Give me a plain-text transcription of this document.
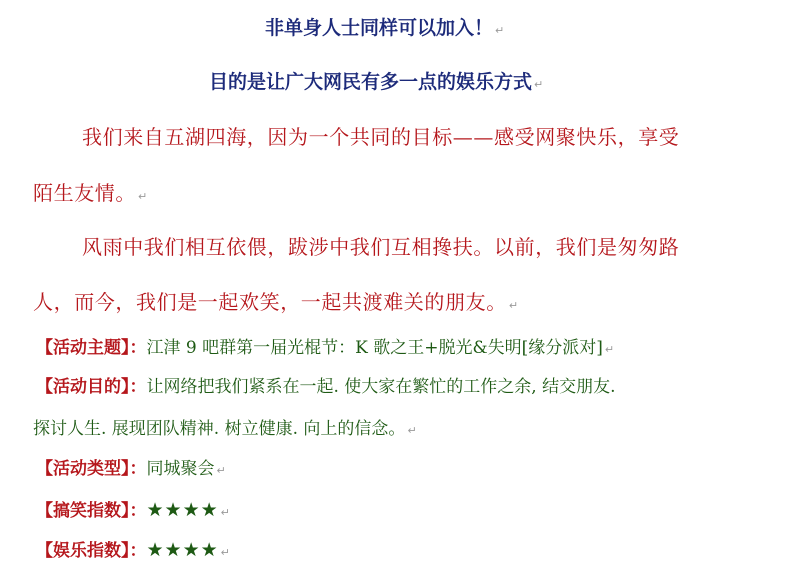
非单身人士同样可以加入！ ↵
目的是让广大网民有多一点的娱乐方式 ↵
我们来自五湖四海，因为一个共同的目标——感受网聚快乐，享受
陌生友情。 ↵
风雨中我们相互依偎，跋涉中我们互相搀扶。以前，我们是匆匆路
人，而今，我们是一起欢笑，一起共渡难关的朋友。 ↵
【活动主题】：江津 9 吧群第一届光棍节：K 歌之王+脱光&失明[缘分派对] ↵
【活动目的】：让网络把我们紧系在一起. 使大家在繁忙的工作之余, 结交朋友.
探讨人生. 展现团队精神. 树立健康. 向上的信念。 ↵
【活动类型】：同城聚会 ↵
【搞笑指数】：★★★★ ↵
【娱乐指数】：★★★★ ↵
